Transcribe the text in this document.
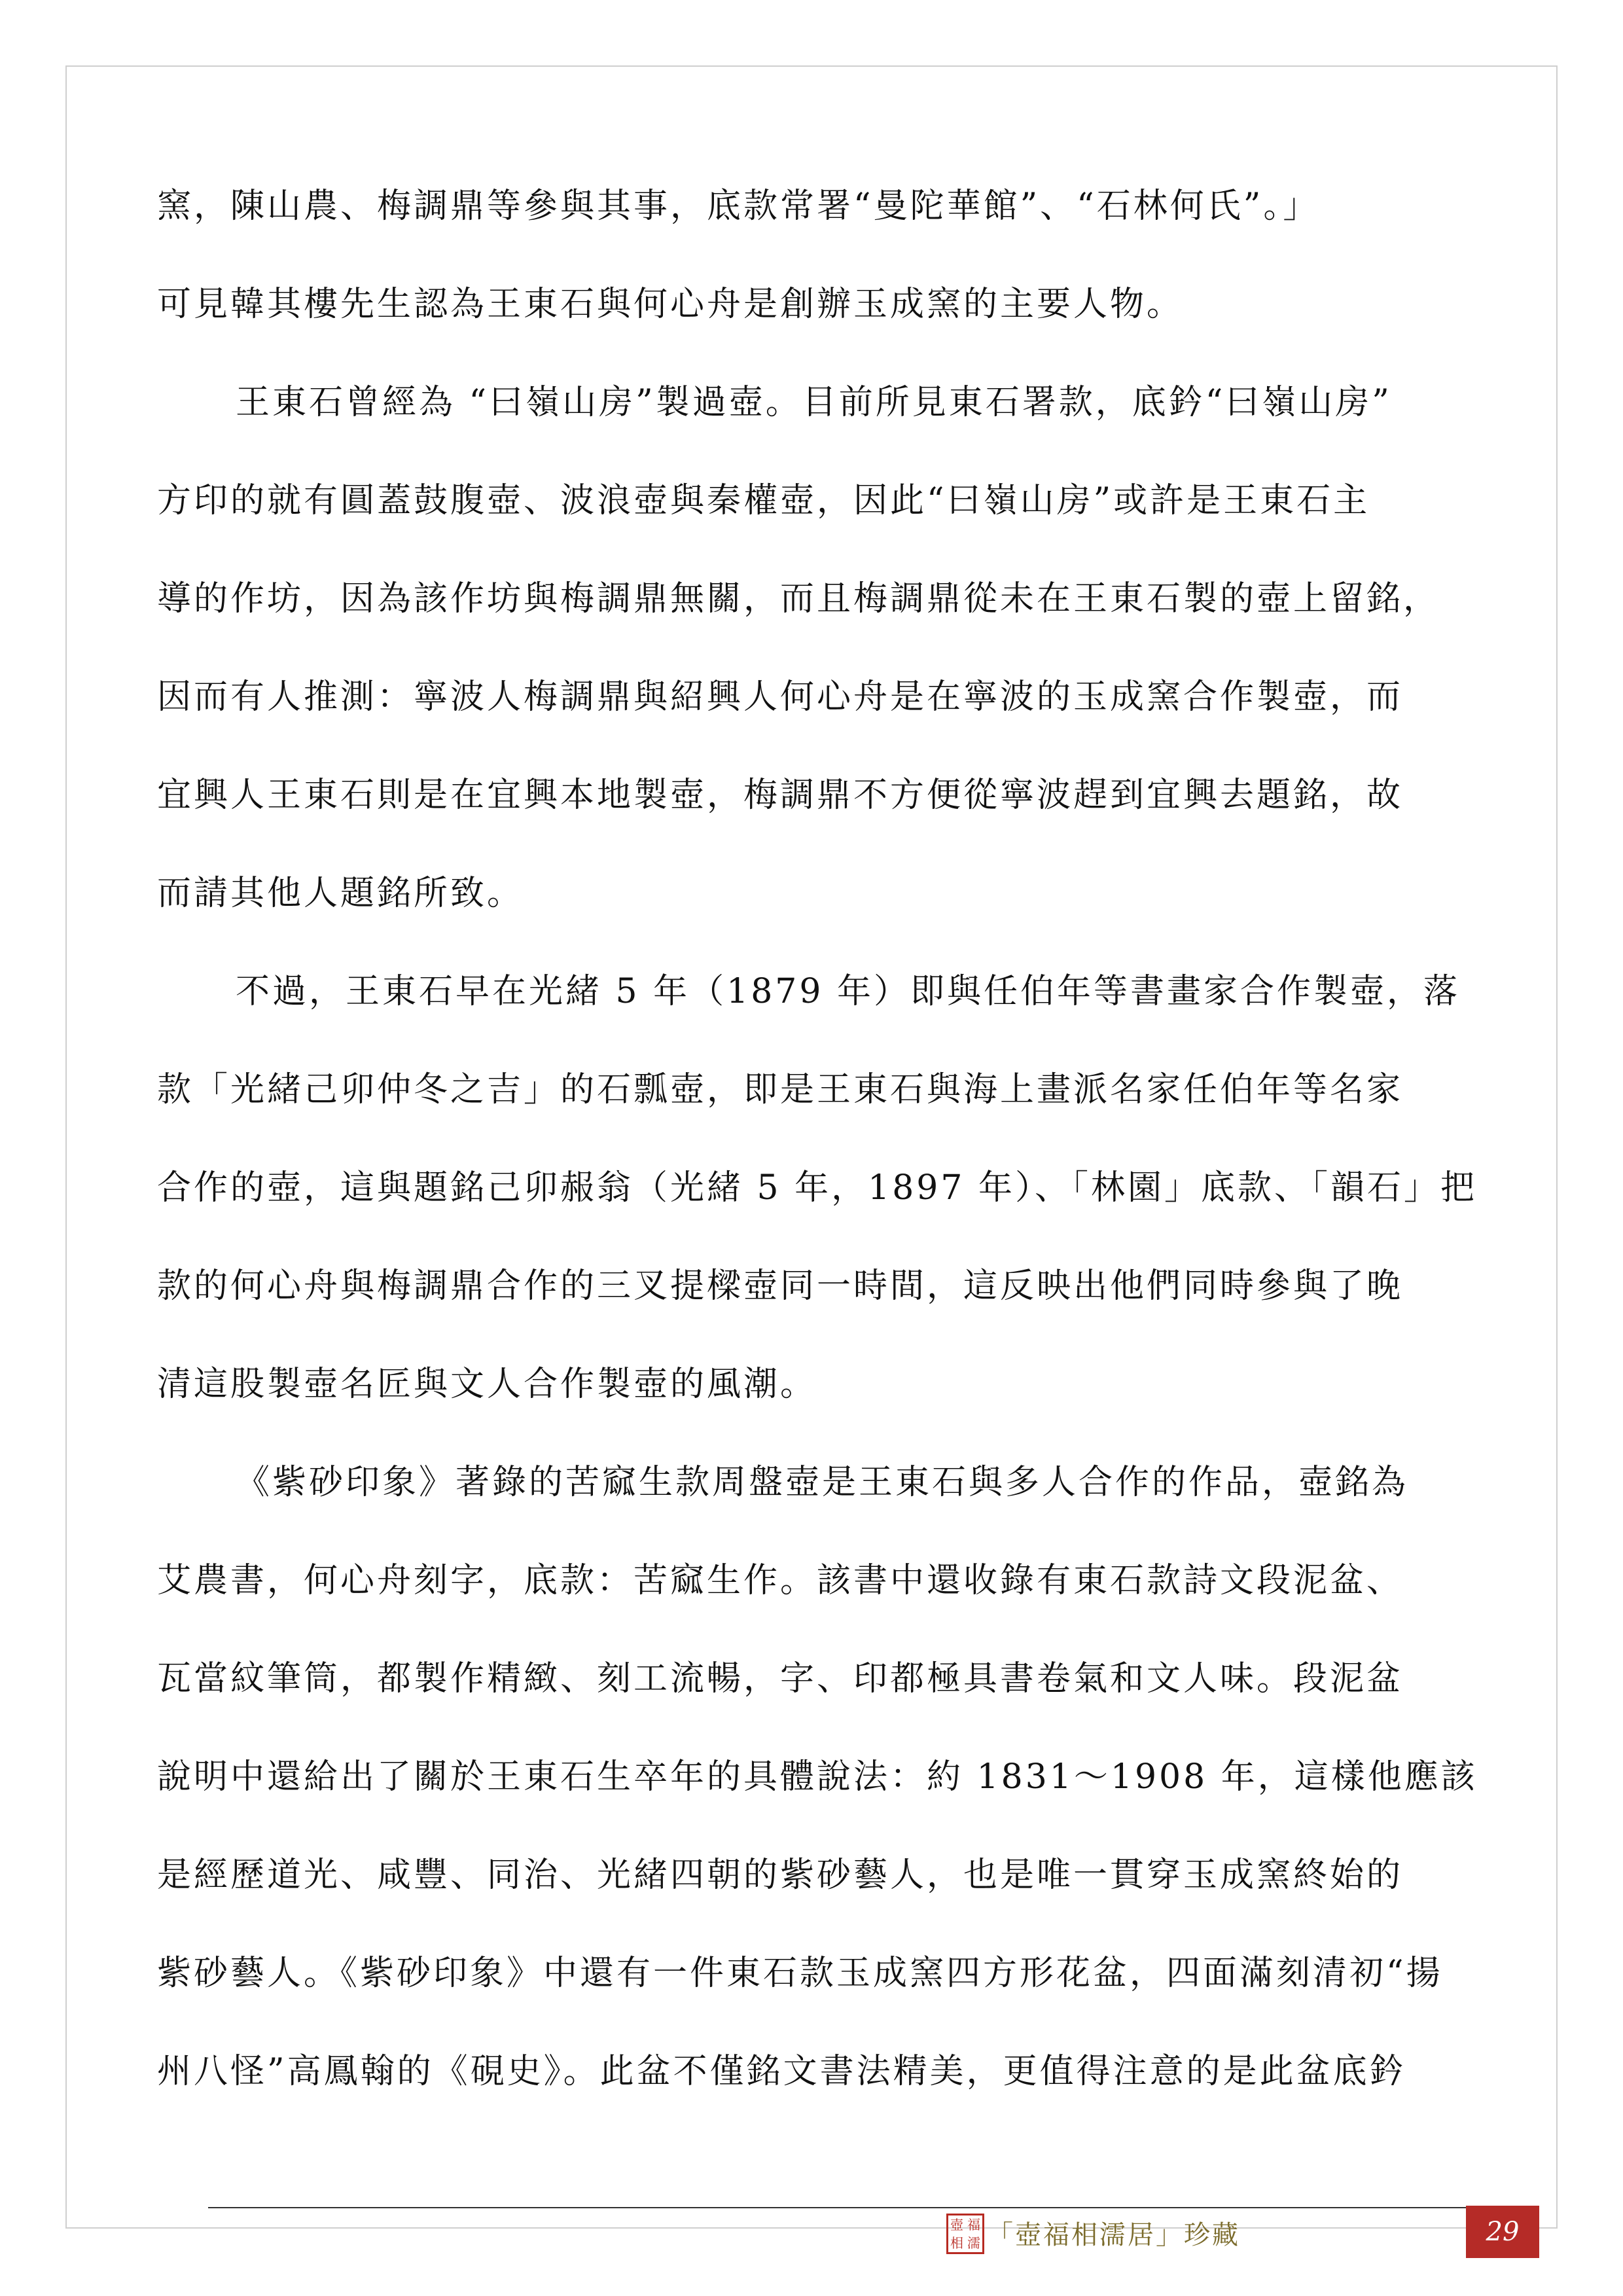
窯，陳山農、梅調鼎等參與其事，底款常署“曼陀華館”、“石林何氏”。」
可見韓其樓先生認為王東石與何心舟是創辦玉成窯的主要人物。
王東石曾經為 “曰嶺山房”製過壺。目前所見東石署款，底鈐“曰嶺山房”
方印的就有圓蓋鼓腹壺、波浪壺與秦權壺，因此“曰嶺山房”或許是王東石主
導的作坊，因為該作坊與梅調鼎無關，而且梅調鼎從未在王東石製的壺上留銘，
因而有人推測：寧波人梅調鼎與紹興人何心舟是在寧波的玉成窯合作製壺，而
宜興人王東石則是在宜興本地製壺，梅調鼎不方便從寧波趕到宜興去題銘，故
而請其他人題銘所致。
不過，王東石早在光緒 5 年（1879 年）即與任伯年等書畫家合作製壺，落
款「光緒己卯仲冬之吉」的石瓢壺，即是王東石與海上畫派名家任伯年等名家
合作的壺，這與題銘己卯赧翁（光緒 5 年，1897 年）、「林園」底款、「韻石」把
款的何心舟與梅調鼎合作的三叉提樑壺同一時間，這反映出他們同時參與了晚
清這股製壺名匠與文人合作製壺的風潮。
《紫砂印象》著錄的苦窳生款周盤壺是王東石與多人合作的作品，壺銘為
艾農書，何心舟刻字，底款：苦窳生作。該書中還收錄有東石款詩文段泥盆、
瓦當紋筆筒，都製作精緻、刻工流暢，字、印都極具書卷氣和文人味。段泥盆
說明中還給出了關於王東石生卒年的具體說法：約 1831～1908 年，這樣他應該
是經歷道光、咸豐、同治、光緒四朝的紫砂藝人，也是唯一貫穿玉成窯終始的
紫砂藝人。《紫砂印象》中還有一件東石款玉成窯四方形花盆，四面滿刻清初“揚
州八怪”高鳳翰的《硯史》。此盆不僅銘文書法精美，更值得注意的是此盆底鈐
壺 福
相 濡 「壺福相濡居」珍藏	29
